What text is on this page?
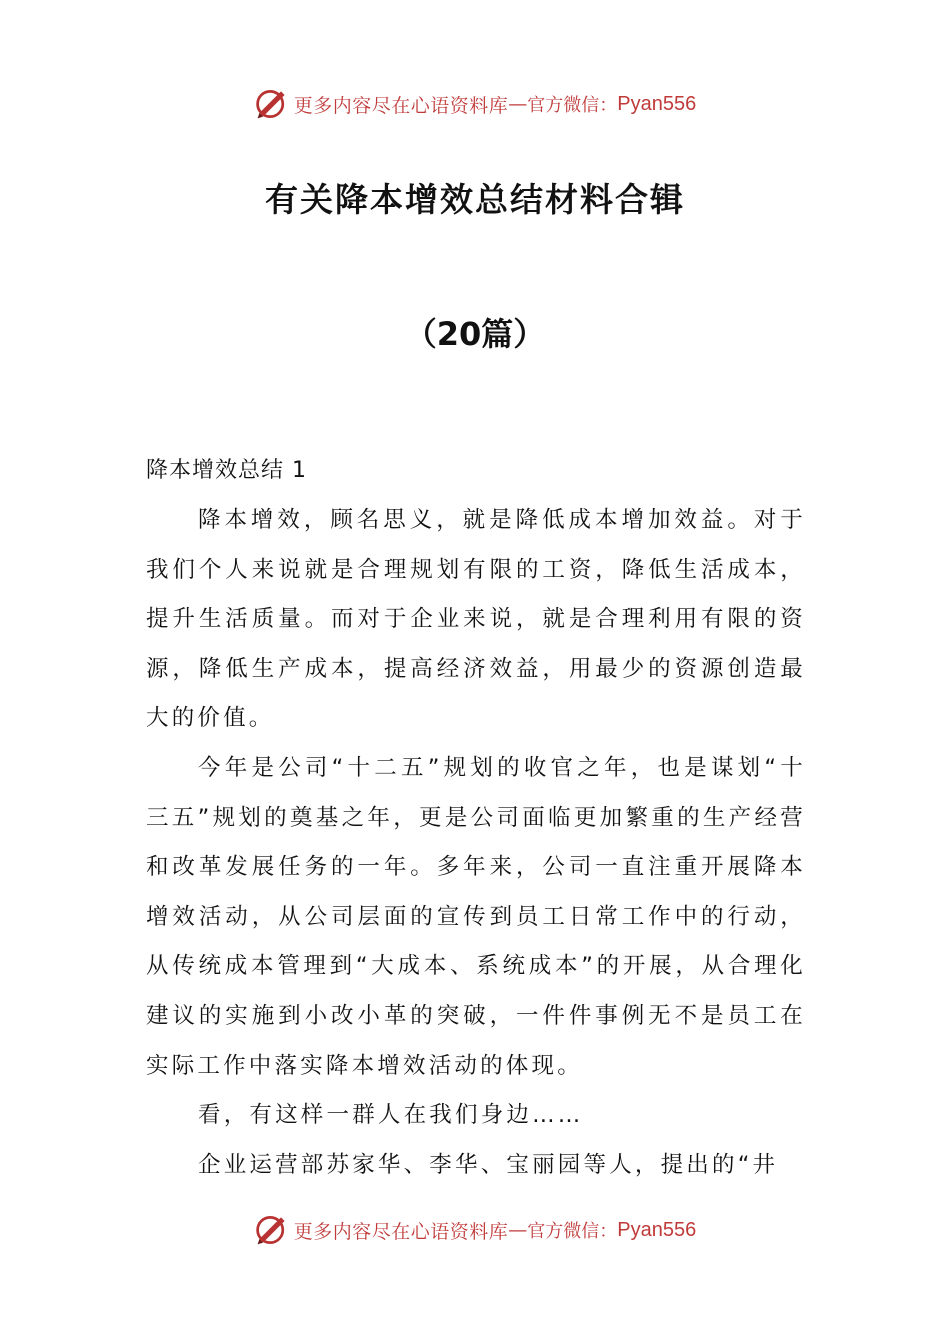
更多内容尽在心语资料库 — 官方微信： Pyan556
有关降本增效总结材料合辑
（20篇）

降本增效总结 1

降本增效，顾名思义，就是降低成本增加效益。对于我们个人来说就是合理规划有限的工资，降低生活成本，提升生活质量。而对于企业来说，就是合理利用有限的资源，降低生产成本，提高经济效益，用最少的资源创造最大的价值。

今年是公司“十二五”规划的收官之年，也是谋划“十三五”规划的奠基之年，更是公司面临更加繁重的生产经营和改革发展任务的一年。多年来，公司一直注重开展降本增效活动，从公司层面的宣传到员工日常工作中的行动，从传统成本管理到“大成本、系统成本”的开展，从合理化建议的实施到小改小革的突破，一件件事例无不是员工在实际工作中落实降本增效活动的体现。

看，有这样一群人在我们身边……

企业运营部苏家华、李华、宝丽园等人，提出的“井

更多内容尽在心语资料库 — 官方微信： Pyan556
